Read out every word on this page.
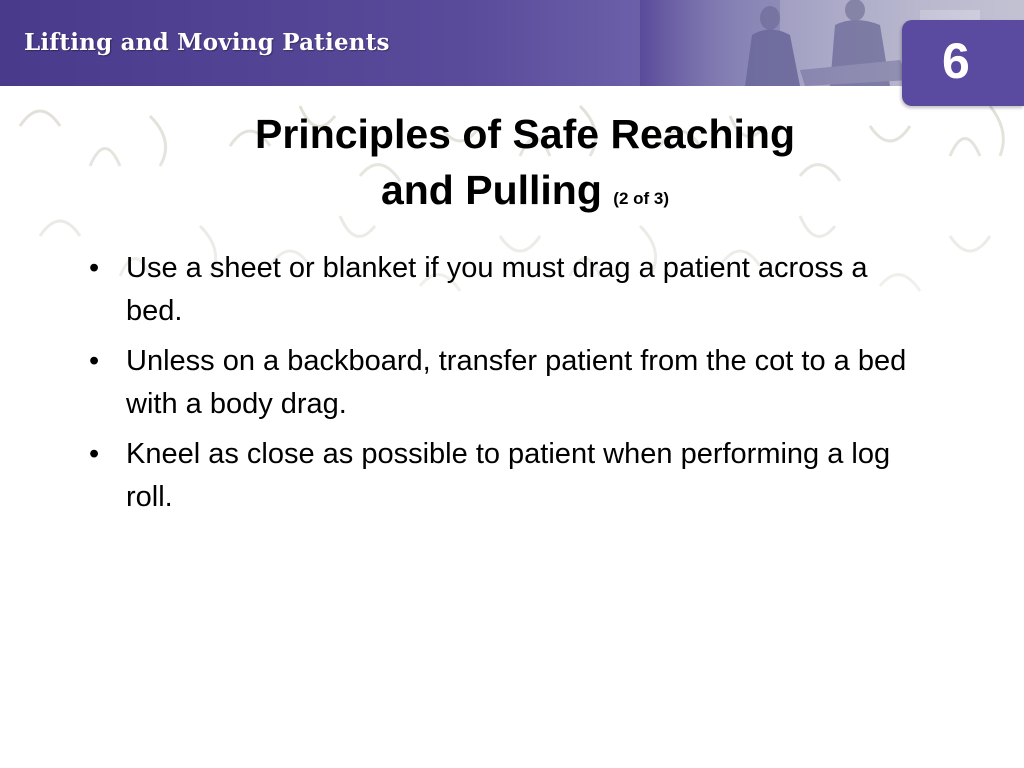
Lifting and Moving Patients	6
Principles of Safe Reaching
and Pulling (2 of 3)
• Use a sheet or blanket if you must drag a patient across a bed.
• Unless on a backboard, transfer patient from the cot to a bed with a body drag.
• Kneel as close as possible to patient when performing a log roll.
